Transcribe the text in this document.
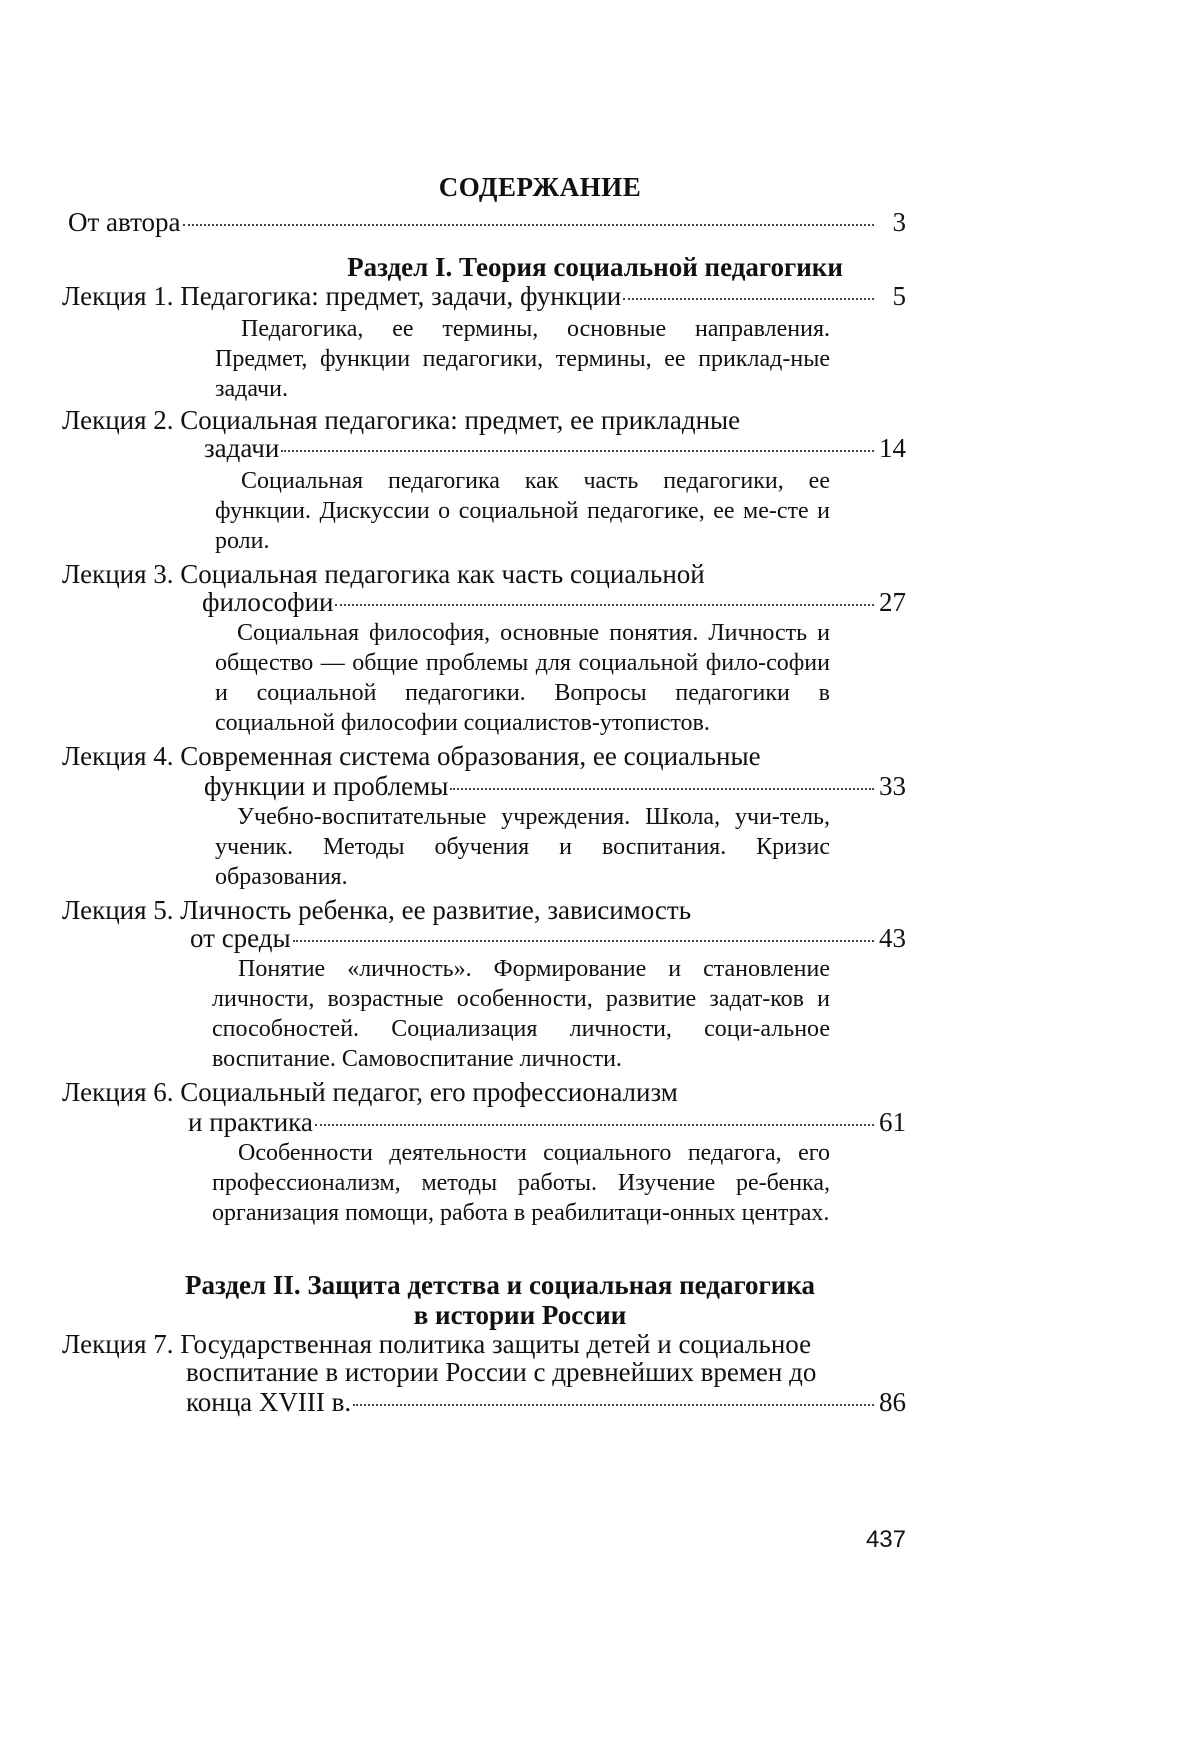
СОДЕРЖАНИЕ
От автора	3
Раздел I. Теория социальной педагогики
Лекция 1. Педагогика: предмет, задачи, функции	5
Педагогика, ее термины, основные направления. Предмет, функции педагогики, термины, ее приклад-ные задачи.
Лекция 2. Социальная педагогика: предмет, ее прикладные
задачи	14
Социальная педагогика как часть педагогики, ее функции. Дискуссии о социальной педагогике, ее ме-сте и роли.
Лекция 3. Социальная педагогика как часть социальной
философии	27
Социальная философия, основные понятия. Личность и общество — общие проблемы для социальной фило-софии и социальной педагогики. Вопросы педагогики в социальной философии социалистов-утопистов.
Лекция 4. Современная система образования, ее социальные
функции и проблемы	33
Учебно-воспитательные учреждения. Школа, учи-тель, ученик. Методы обучения и воспитания. Кризис образования.
Лекция 5. Личность ребенка, ее развитие, зависимость
от среды	43
Понятие «личность». Формирование и становление личности, возрастные особенности, развитие задат-ков и способностей. Социализация личности, соци-альное воспитание. Самовоспитание личности.
Лекция 6. Социальный педагог, его профессионализм
и практика	61
Особенности деятельности социального педагога, его профессионализм, методы работы. Изучение ре-бенка, организация помощи, работа в реабилитаци-онных центрах.
Раздел II. Защита детства и социальная педагогика
в истории России
Лекция 7. Государственная политика защиты детей и социальное
воспитание в истории России с древнейших времен до
конца XVIII в.	86
437
